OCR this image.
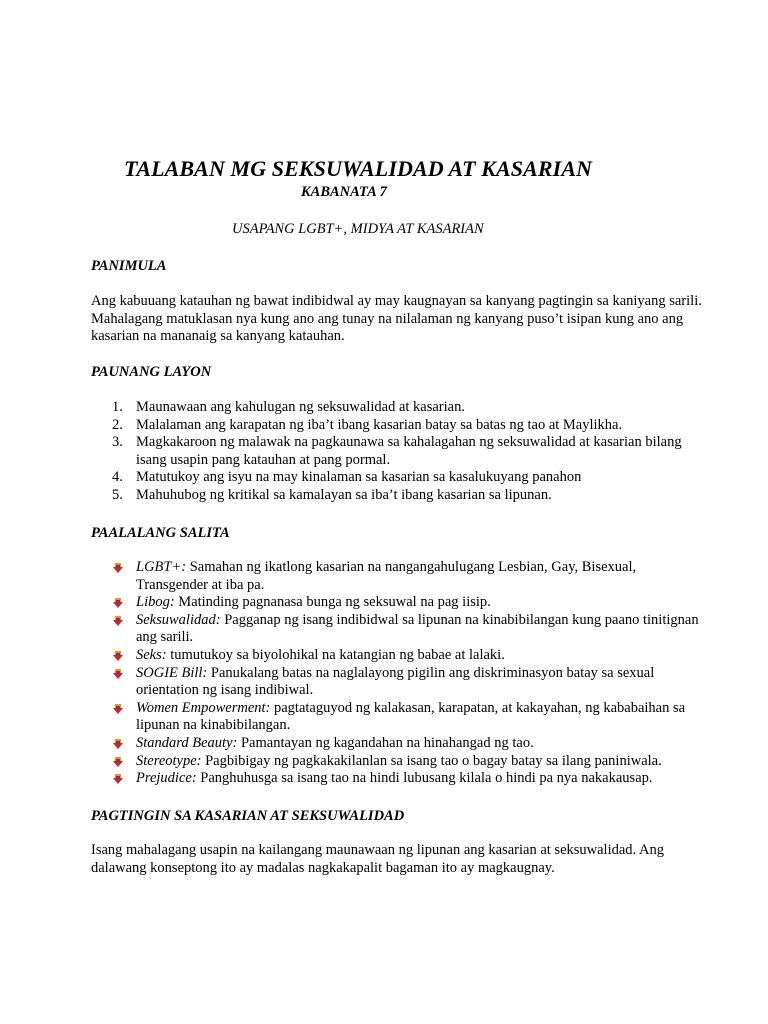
TALABAN MG SEKSUWALIDAD AT KASARIAN
KABANATA 7
USAPANG LGBT+, MIDYA AT KASARIAN
PANIMULA
Ang kabuuang katauhan ng bawat indibidwal ay may kaugnayan sa kanyang pagtingin sa kaniyang sarili.
Mahalagang matuklasan nya kung ano ang tunay na nilalaman ng kanyang puso’t isipan kung ano ang
kasarian na mananaig sa kanyang katauhan.
PAUNANG LAYON
1. Maunawaan ang kahulugan ng seksuwalidad at kasarian.
2. Malalaman ang karapatan ng iba’t ibang kasarian batay sa batas ng tao at Maylikha.
3. Magkakaroon ng malawak na pagkaunawa sa kahalagahan ng seksuwalidad at kasarian bilang
isang usapin pang katauhan at pang pormal.
4. Matutukoy ang isyu na may kinalaman sa kasarian sa kasalukuyang panahon
5. Mahuhubog ng kritikal sa kamalayan sa iba’t ibang kasarian sa lipunan.
PAALALANG SALITA
LGBT+: Samahan ng ikatlong kasarian na nangangahulugang Lesbian, Gay, Bisexual,
Transgender at iba pa.
Libog: Matinding pagnanasa bunga ng seksuwal na pag iisip.
Seksuwalidad: Pagganap ng isang indibidwal sa lipunan na kinabibilangan kung paano tinitignan
ang sarili.
Seks: tumutukoy sa biyolohikal na katangian ng babae at lalaki.
SOGIE Bill: Panukalang batas na naglalayong pigilin ang diskriminasyon batay sa sexual
orientation ng isang indibiwal.
Women Empowerment: pagtataguyod ng kalakasan, karapatan, at kakayahan, ng kababaihan sa
lipunan na kinabibilangan.
Standard Beauty: Pamantayan ng kagandahan na hinahangad ng tao.
Stereotype: Pagbibigay ng pagkakakilanlan sa isang tao o bagay batay sa ilang paniniwala.
Prejudice: Panghuhusga sa isang tao na hindi lubusang kilala o hindi pa nya nakakausap.
PAGTINGIN SA KASARIAN AT SEKSUWALIDAD
Isang mahalagang usapin na kailangang maunawaan ng lipunan ang kasarian at seksuwalidad. Ang
dalawang konseptong ito ay madalas nagkakapalit bagaman ito ay magkaugnay.
